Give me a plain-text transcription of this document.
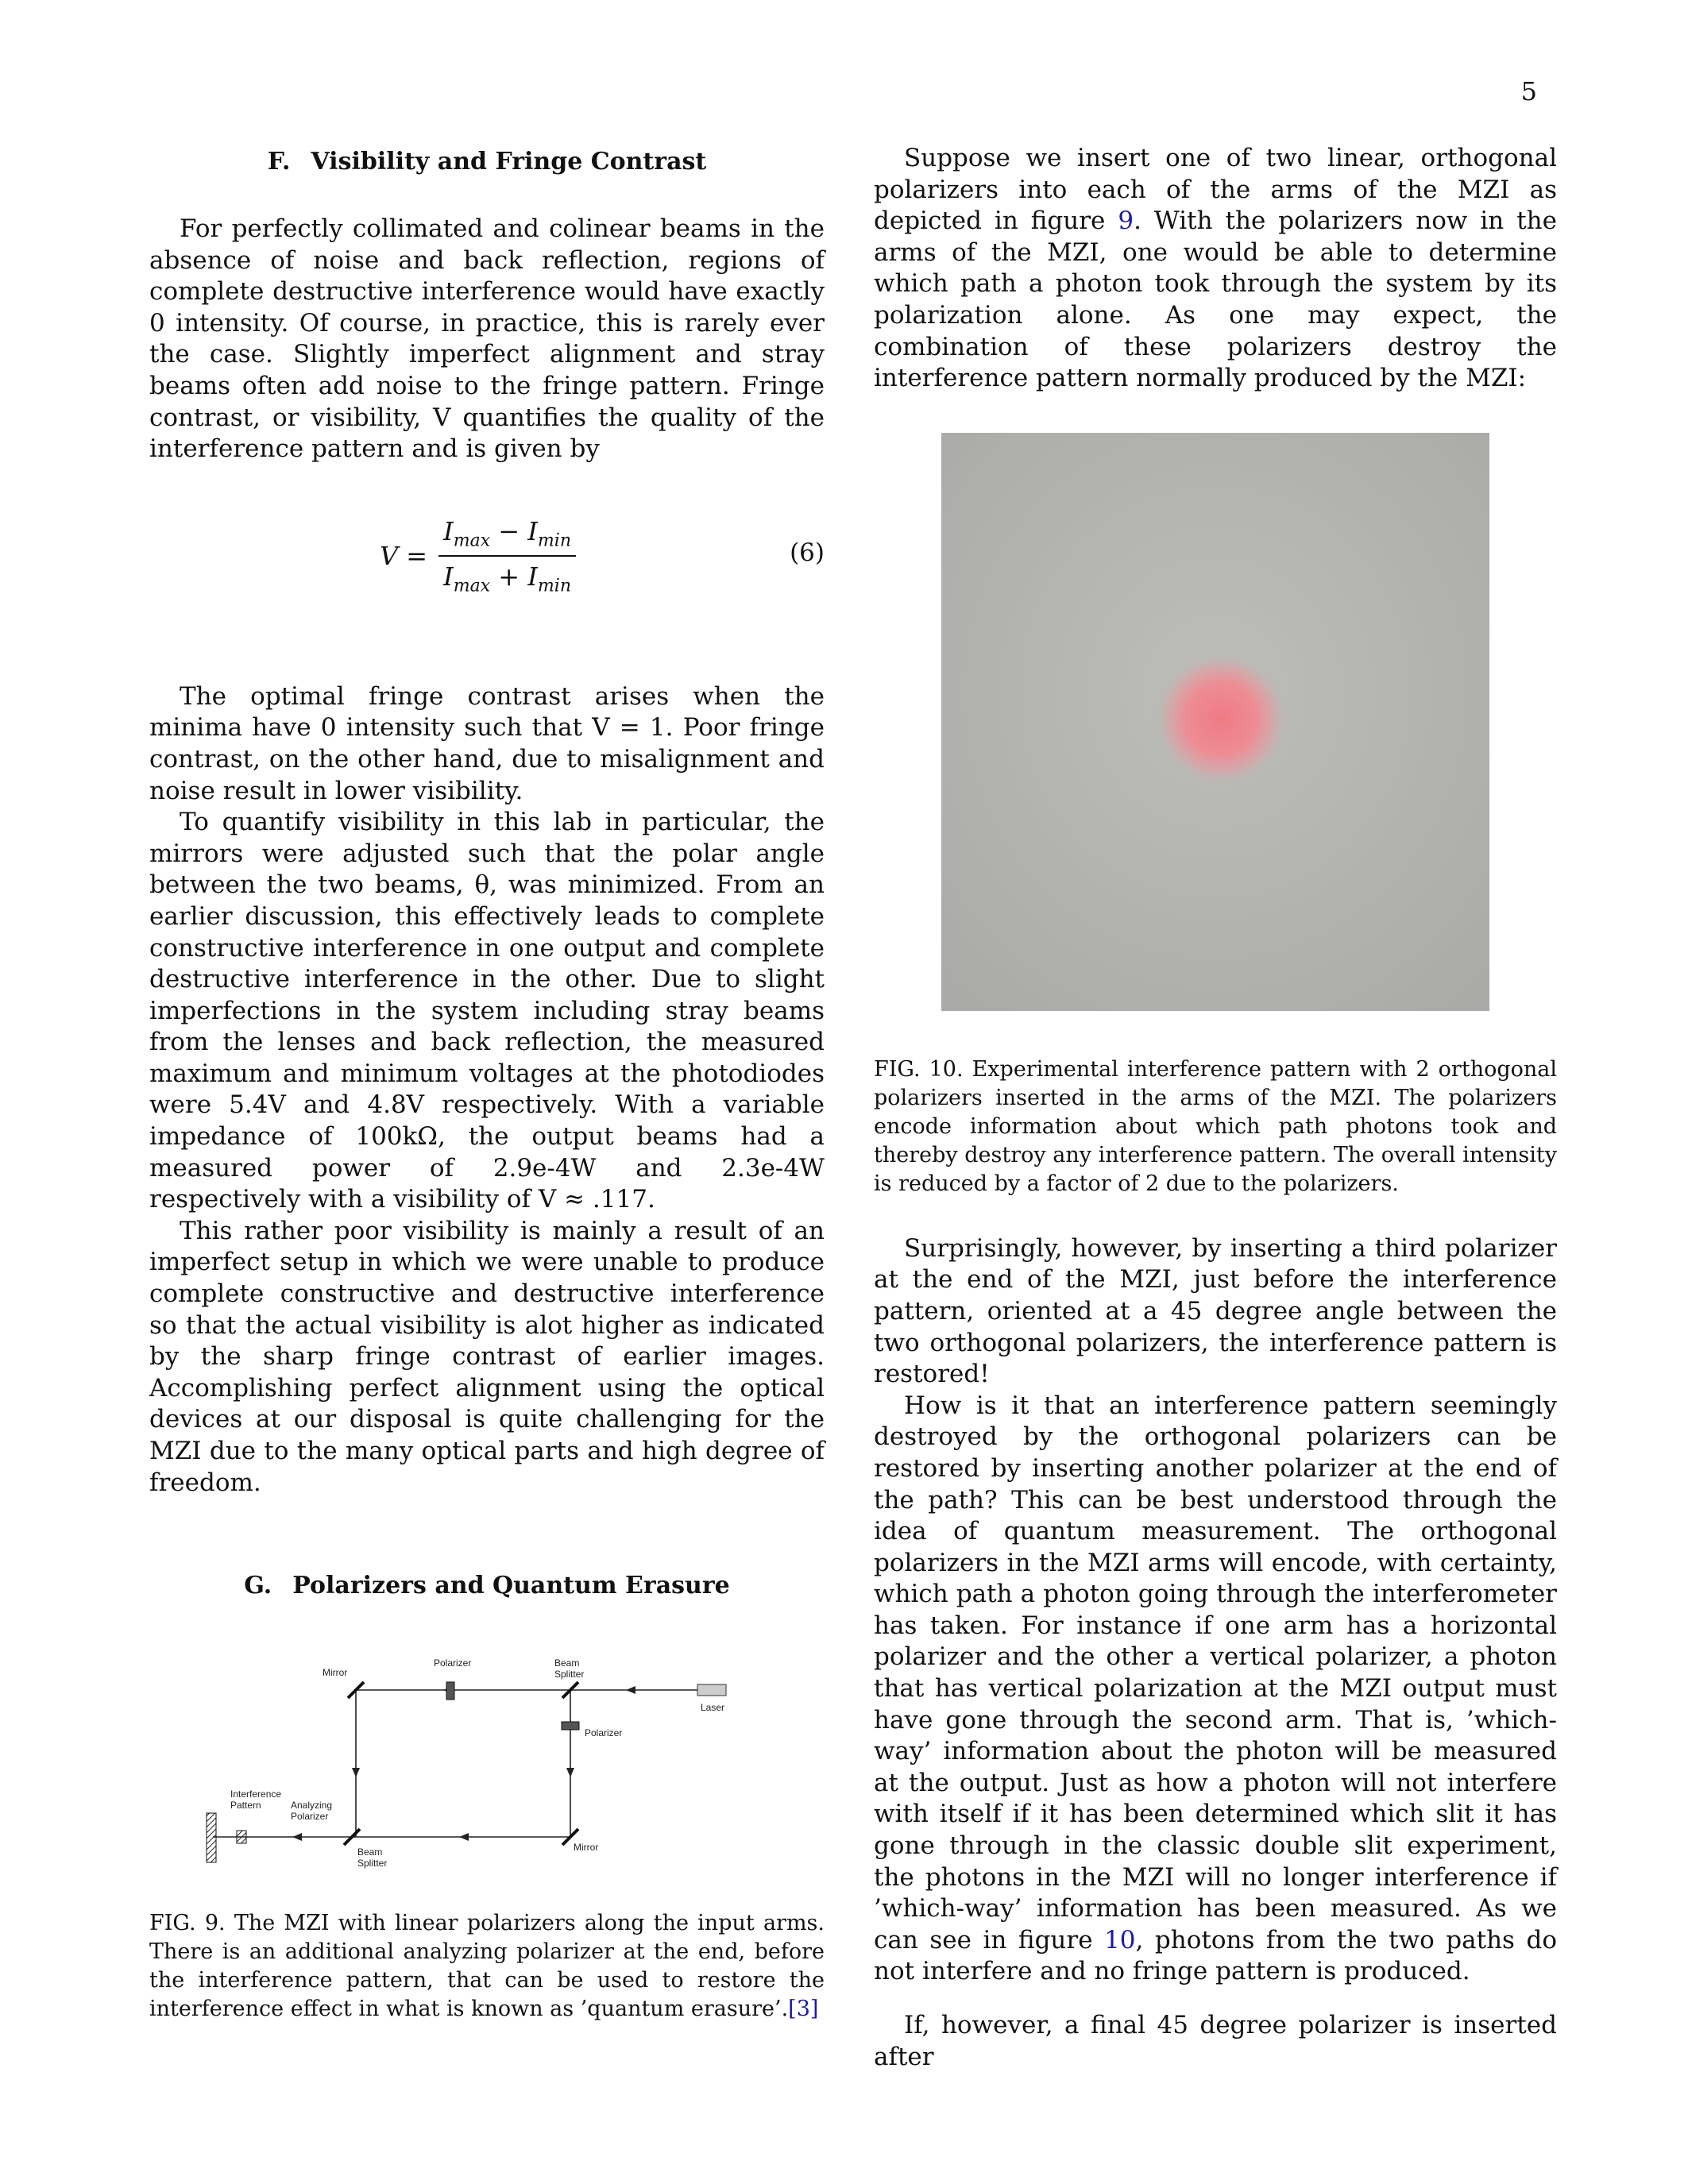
5
F. Visibility and Fringe Contrast

For perfectly collimated and colinear beams in the absence of noise and back reflection, regions of complete destructive interference would have exactly 0 intensity. Of course, in practice, this is rarely ever the case. Slightly imperfect alignment and stray beams often add noise to the fringe pattern. Fringe contrast, or visibility, V quantifies the quality of the interference pattern and is given by

$V = \frac{I_{max} - I_{min}}{I_{max} + I_{min}}$	(6)

The optimal fringe contrast arises when the minima have 0 intensity such that V = 1. Poor fringe contrast, on the other hand, due to misalignment and noise result in lower visibility.

To quantify visibility in this lab in particular, the mirrors were adjusted such that the polar angle between the two beams, θ, was minimized. From an earlier discussion, this effectively leads to complete constructive interference in one output and complete destructive interference in the other. Due to slight imperfections in the system including stray beams from the lenses and back reflection, the measured maximum and minimum voltages at the photodiodes were 5.4V and 4.8V respectively. With a variable impedance of 100kΩ, the output beams had a measured power of 2.9e-4W and 2.3e-4W respectively with a visibility of V ≈ .117.

This rather poor visibility is mainly a result of an imperfect setup in which we were unable to produce complete constructive and destructive interference so that the actual visibility is alot higher as indicated by the sharp fringe contrast of earlier images. Accomplishing perfect alignment using the optical devices at our disposal is quite challenging for the MZI due to the many optical parts and high degree of freedom.

G. Polarizers and Quantum Erasure
Mirror
Polarizer	Beam
Splitter
Laser
Polarizer
Interference
Pattern	Analyzing
Polarizer
Beam
Splitter
Mirror

FIG. 9. The MZI with linear polarizers along the input arms. There is an additional analyzing polarizer at the end, before the interference pattern, that can be used to restore the interference effect in what is known as ’quantum erasure’.[3]

Suppose we insert one of two linear, orthogonal polarizers into each of the arms of the MZI as depicted in figure 9. With the polarizers now in the arms of the MZI, one would be able to determine which path a photon took through the system by its polarization alone. As one may expect, the combination of these polarizers destroy the interference pattern normally produced by the MZI:

FIG. 10. Experimental interference pattern with 2 orthogonal polarizers inserted in the arms of the MZI. The polarizers encode information about which path photons took and thereby destroy any interference pattern. The overall intensity is reduced by a factor of 2 due to the polarizers.

Surprisingly, however, by inserting a third polarizer at the end of the MZI, just before the interference pattern, oriented at a 45 degree angle between the two orthogonal polarizers, the interference pattern is restored!

How is it that an interference pattern seemingly destroyed by the orthogonal polarizers can be restored by inserting another polarizer at the end of the path? This can be best understood through the idea of quantum measurement. The orthogonal polarizers in the MZI arms will encode, with certainty, which path a photon going through the interferometer has taken. For instance if one arm has a horizontal polarizer and the other a vertical polarizer, a photon that has vertical polarization at the MZI output must have gone through the second arm. That is, ’which-way’ information about the photon will be measured at the output. Just as how a photon will not interfere with itself if it has been determined which slit it has gone through in the classic double slit experiment, the photons in the MZI will no longer interference if ’which-way’ information has been measured. As we can see in figure 10, photons from the two paths do not interfere and no fringe pattern is produced.

If, however, a final 45 degree polarizer is inserted after
